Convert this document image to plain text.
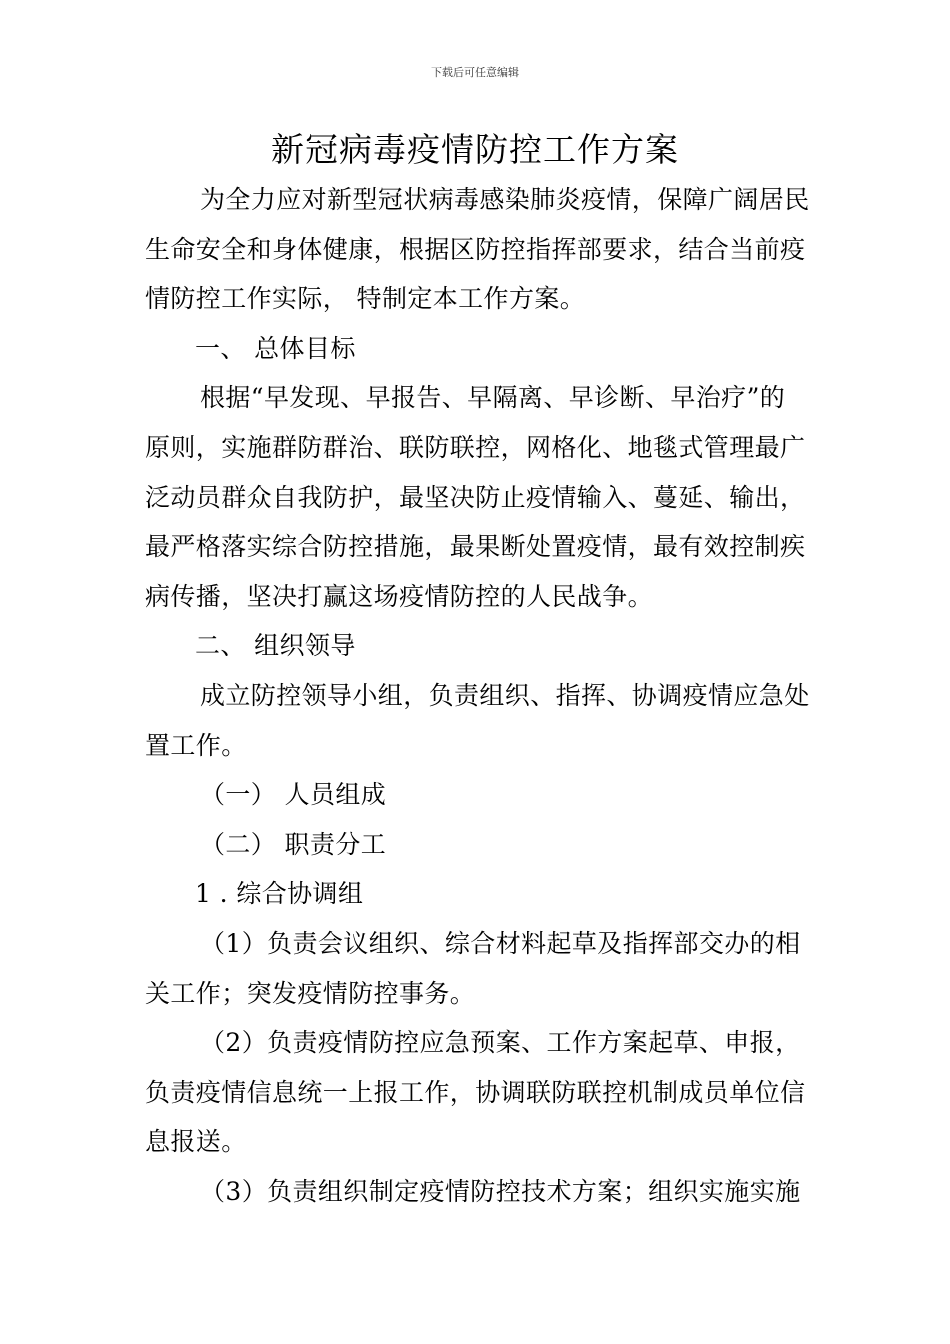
下载后可任意编辑
新冠病毒疫情防控工作方案

为全力应对新型冠状病毒感染肺炎疫情，保障广阔居民生命安全和身体健康，根据区防控指挥部要求，结合当前疫情防控工作实际， 特制定本工作方案。

一、 总体目标

根据“早发现、早报告、早隔离、早诊断、早治疗”的原则，实施群防群治、联防联控，网格化、地毯式管理最广泛动员群众自我防护，最坚决防止疫情输入、蔓延、输出，最严格落实综合防控措施，最果断处置疫情，最有效控制疾病传播，坚决打赢这场疫情防控的人民战争。

二、 组织领导

成立防控领导小组，负责组织、指挥、协调疫情应急处置工作。

（一） 人员组成

（二） 职责分工

1 . 综合协调组

（1）负责会议组织、综合材料起草及指挥部交办的相关工作；突发疫情防控事务。

（2）负责疫情防控应急预案、工作方案起草、申报，负责疫情信息统一上报工作，协调联防联控机制成员单位信息报送。

（3）负责组织制定疫情防控技术方案；组织实施实施
